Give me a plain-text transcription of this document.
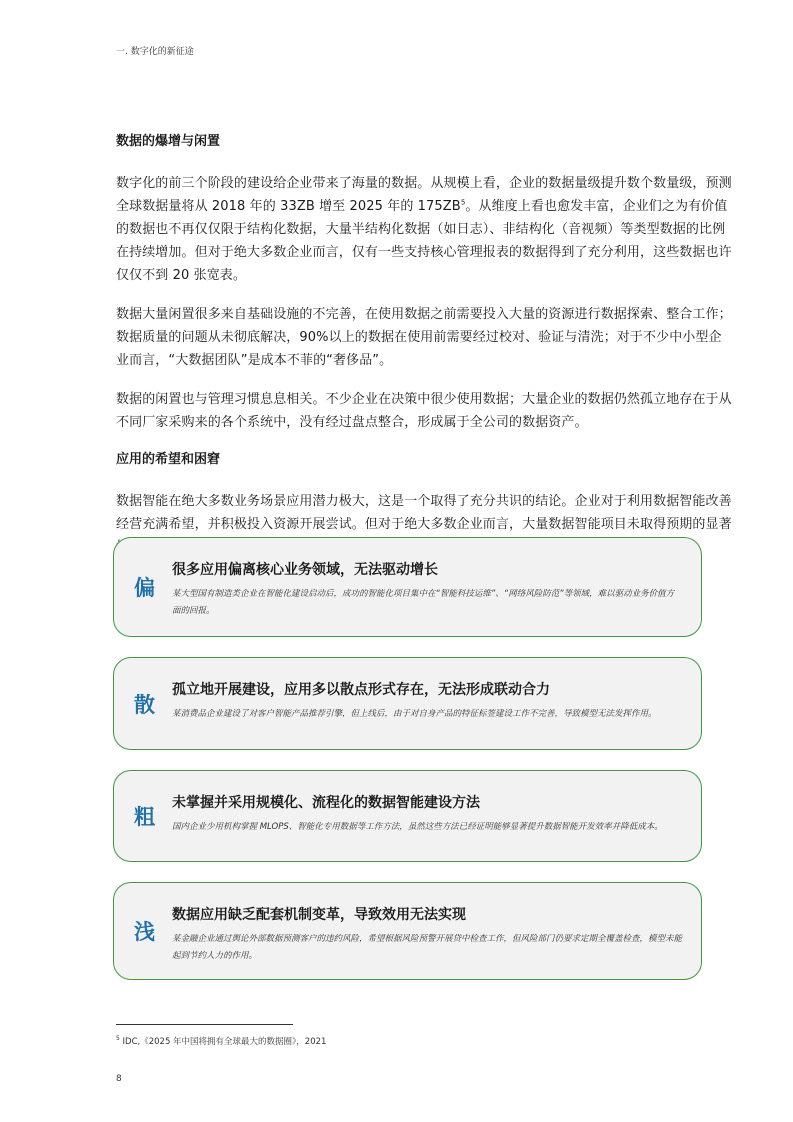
一. 数字化的新征途
数据的爆增与闲置

数字化的前三个阶段的建设给企业带来了海量的数据。从规模上看，企业的数据量级提升数个数量级，预测全球数据量将从 2018 年的 33ZB 增至 2025 年的 $175ZB^5$。从维度上看也愈发丰富，企业们之为有价值的数据也不再仅仅限于结构化数据，大量半结构化数据（如日志）、非结构化（音视频）等类型数据的比例在持续增加。但对于绝大多数企业而言，仅有一些支持核心管理报表的数据得到了充分利用，这些数据也许仅仅不到 20 张宽表。

数据大量闲置很多来自基础设施的不完善，在使用数据之前需要投入大量的资源进行数据探索、整合工作；数据质量的问题从未彻底解决，90%以上的数据在使用前需要经过校对、验证与清洗；对于不少中小型企业而言，“大数据团队”是成本不菲的“奢侈品”。

数据的闲置也与管理习惯息息相关。不少企业在决策中很少使用数据；大量企业的数据仍然孤立地存在于从不同厂家采购来的各个系统中，没有经过盘点整合，形成属于全公司的数据资产。

应用的希望和困窘

数据智能在绝大多数业务场景应用潜力极大，这是一个取得了充分共识的结论。企业对于利用数据智能改善经营充满希望，并积极投入资源开展尝试。但对于绝大多数企业而言，大量数据智能项目未取得预期的显著

偏
很多应用偏离核心业务领域，无法驱动增长
某大型国有制造类企业在智能化建设启动后，成功的智能化项目集中在“智能科技运维”、“网络风险防范”等领域，难以驱动业务价值方面的回报。
散
孤立地开展建设，应用多以散点形式存在，无法形成联动合力
某消费品企业建设了对客户智能产品推荐引擎，但上线后，由于对自身产品的特征标签建设工作不完善，导致模型无法发挥作用。
粗
未掌握并采用规模化、流程化的数据智能建设方法
国内企业少用机构掌握 MLOPS、智能化专用数据等工作方法，虽然这些方法已经证明能够显著提升数据智能开发效率并降低成本。
浅
数据应用缺乏配套机制变革，导致效用无法实现
某金融企业通过舆论外部数据预测客户的违约风险，希望根据风险预警开展贷中检查工作，但风险部门仍要求定期全覆盖检查，模型未能起到节约人力的作用。
$^5$ IDC,《2025 年中国将拥有全球最大的数据圈》，2021
8
